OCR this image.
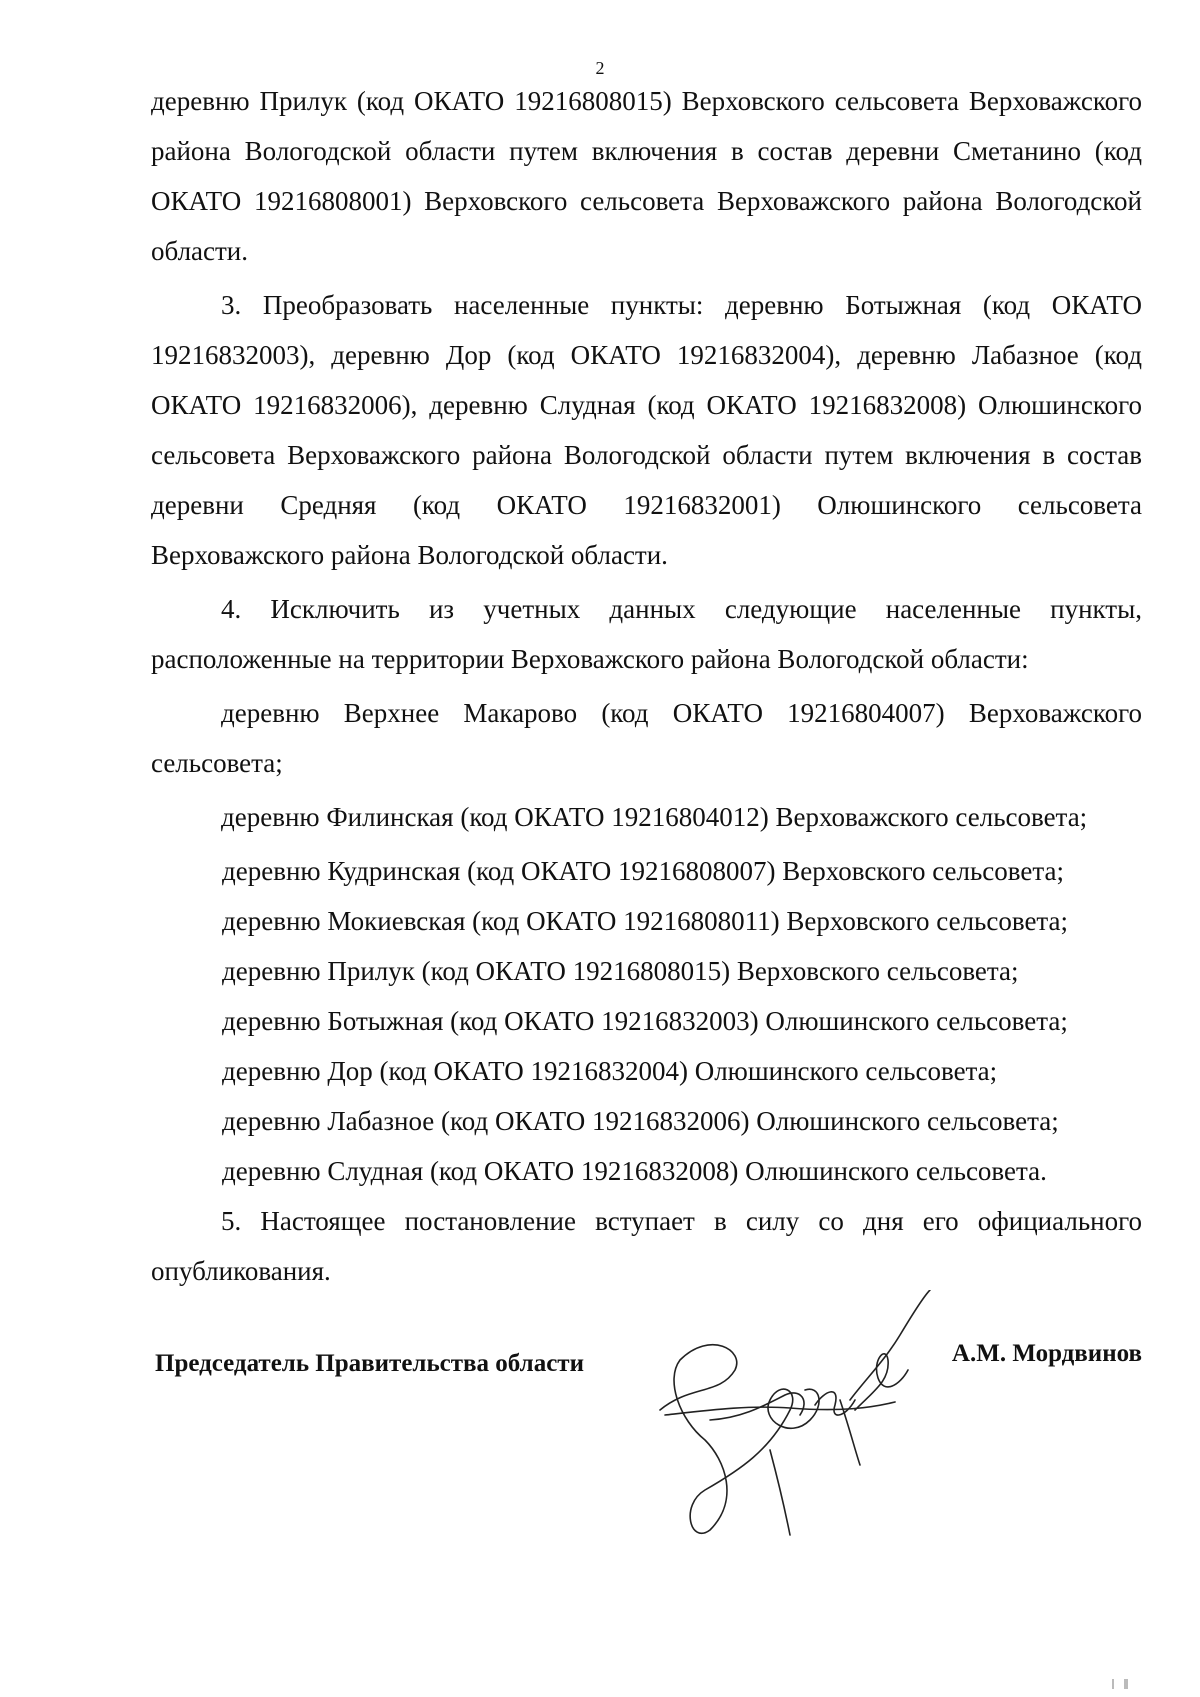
2

деревню Прилук (код ОКАТО 19216808015) Верховского сельсовета Верховажского района Вологодской области путем включения в состав деревни Сметанино (код ОКАТО 19216808001) Верховского сельсовета Верховажского района Вологодской области.

3. Преобразовать населенные пункты: деревню Ботыжная (код ОКАТО 19216832003), деревню Дор (код ОКАТО 19216832004), деревню Лабазное (код ОКАТО 19216832006), деревню Слудная (код ОКАТО 19216832008) Олюшинского сельсовета Верховажского района Вологодской области путем включения в состав деревни Средняя (код ОКАТО 19216832001) Олюшинского сельсовета Верховажского района Вологодской области.

4. Исключить из учетных данных следующие населенные пункты, расположенные на территории Верховажского района Вологодской области:

деревню Верхнее Макарово (код ОКАТО 19216804007) Верховажского сельсовета;

деревню Филинская (код ОКАТО 19216804012) Верховажского сельсовета;

деревню Кудринская (код ОКАТО 19216808007) Верховского сельсовета;

деревню Мокиевская (код ОКАТО 19216808011) Верховского сельсовета;

деревню Прилук (код ОКАТО 19216808015) Верховского сельсовета;

деревню Ботыжная (код ОКАТО 19216832003) Олюшинского сельсовета;

деревню Дор (код ОКАТО 19216832004) Олюшинского сельсовета;

деревню Лабазное (код ОКАТО 19216832006) Олюшинского сельсовета;

деревню Слудная (код ОКАТО 19216832008) Олюшинского сельсовета.

5. Настоящее постановление вступает в силу со дня его официального опубликования.

Председатель Правительства области	А.М. Мордвинов
